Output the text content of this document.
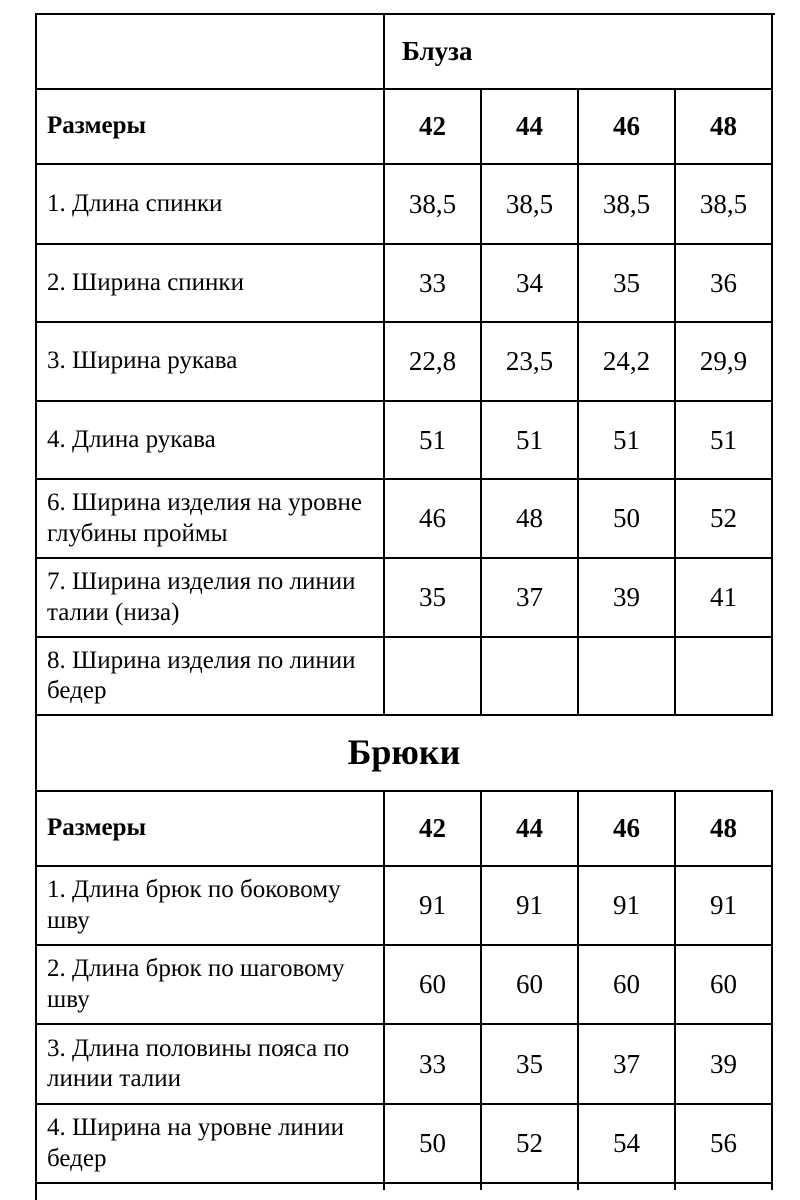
Блуза
Размеры	42	44	46	48
1. Длина спинки	38,5	38,5	38,5	38,5
2. Ширина спинки	33	34	35	36
3. Ширина рукава	22,8	23,5	24,2	29,9
4. Длина рукава	51	51	51	51
6. Ширина изделия на уровне глубины проймы	46	48	50	52
7. Ширина изделия по линии талии (низа)	35	37	39	41
8. Ширина изделия по линии бедер
Брюки
Размеры	42	44	46	48
1. Длина брюк по боковому шву	91	91	91	91
2. Длина брюк по шаговому шву	60	60	60	60
3. Длина половины пояса по линии талии	33	35	37	39
4. Ширина на уровне линии бедер	50	52	54	56
